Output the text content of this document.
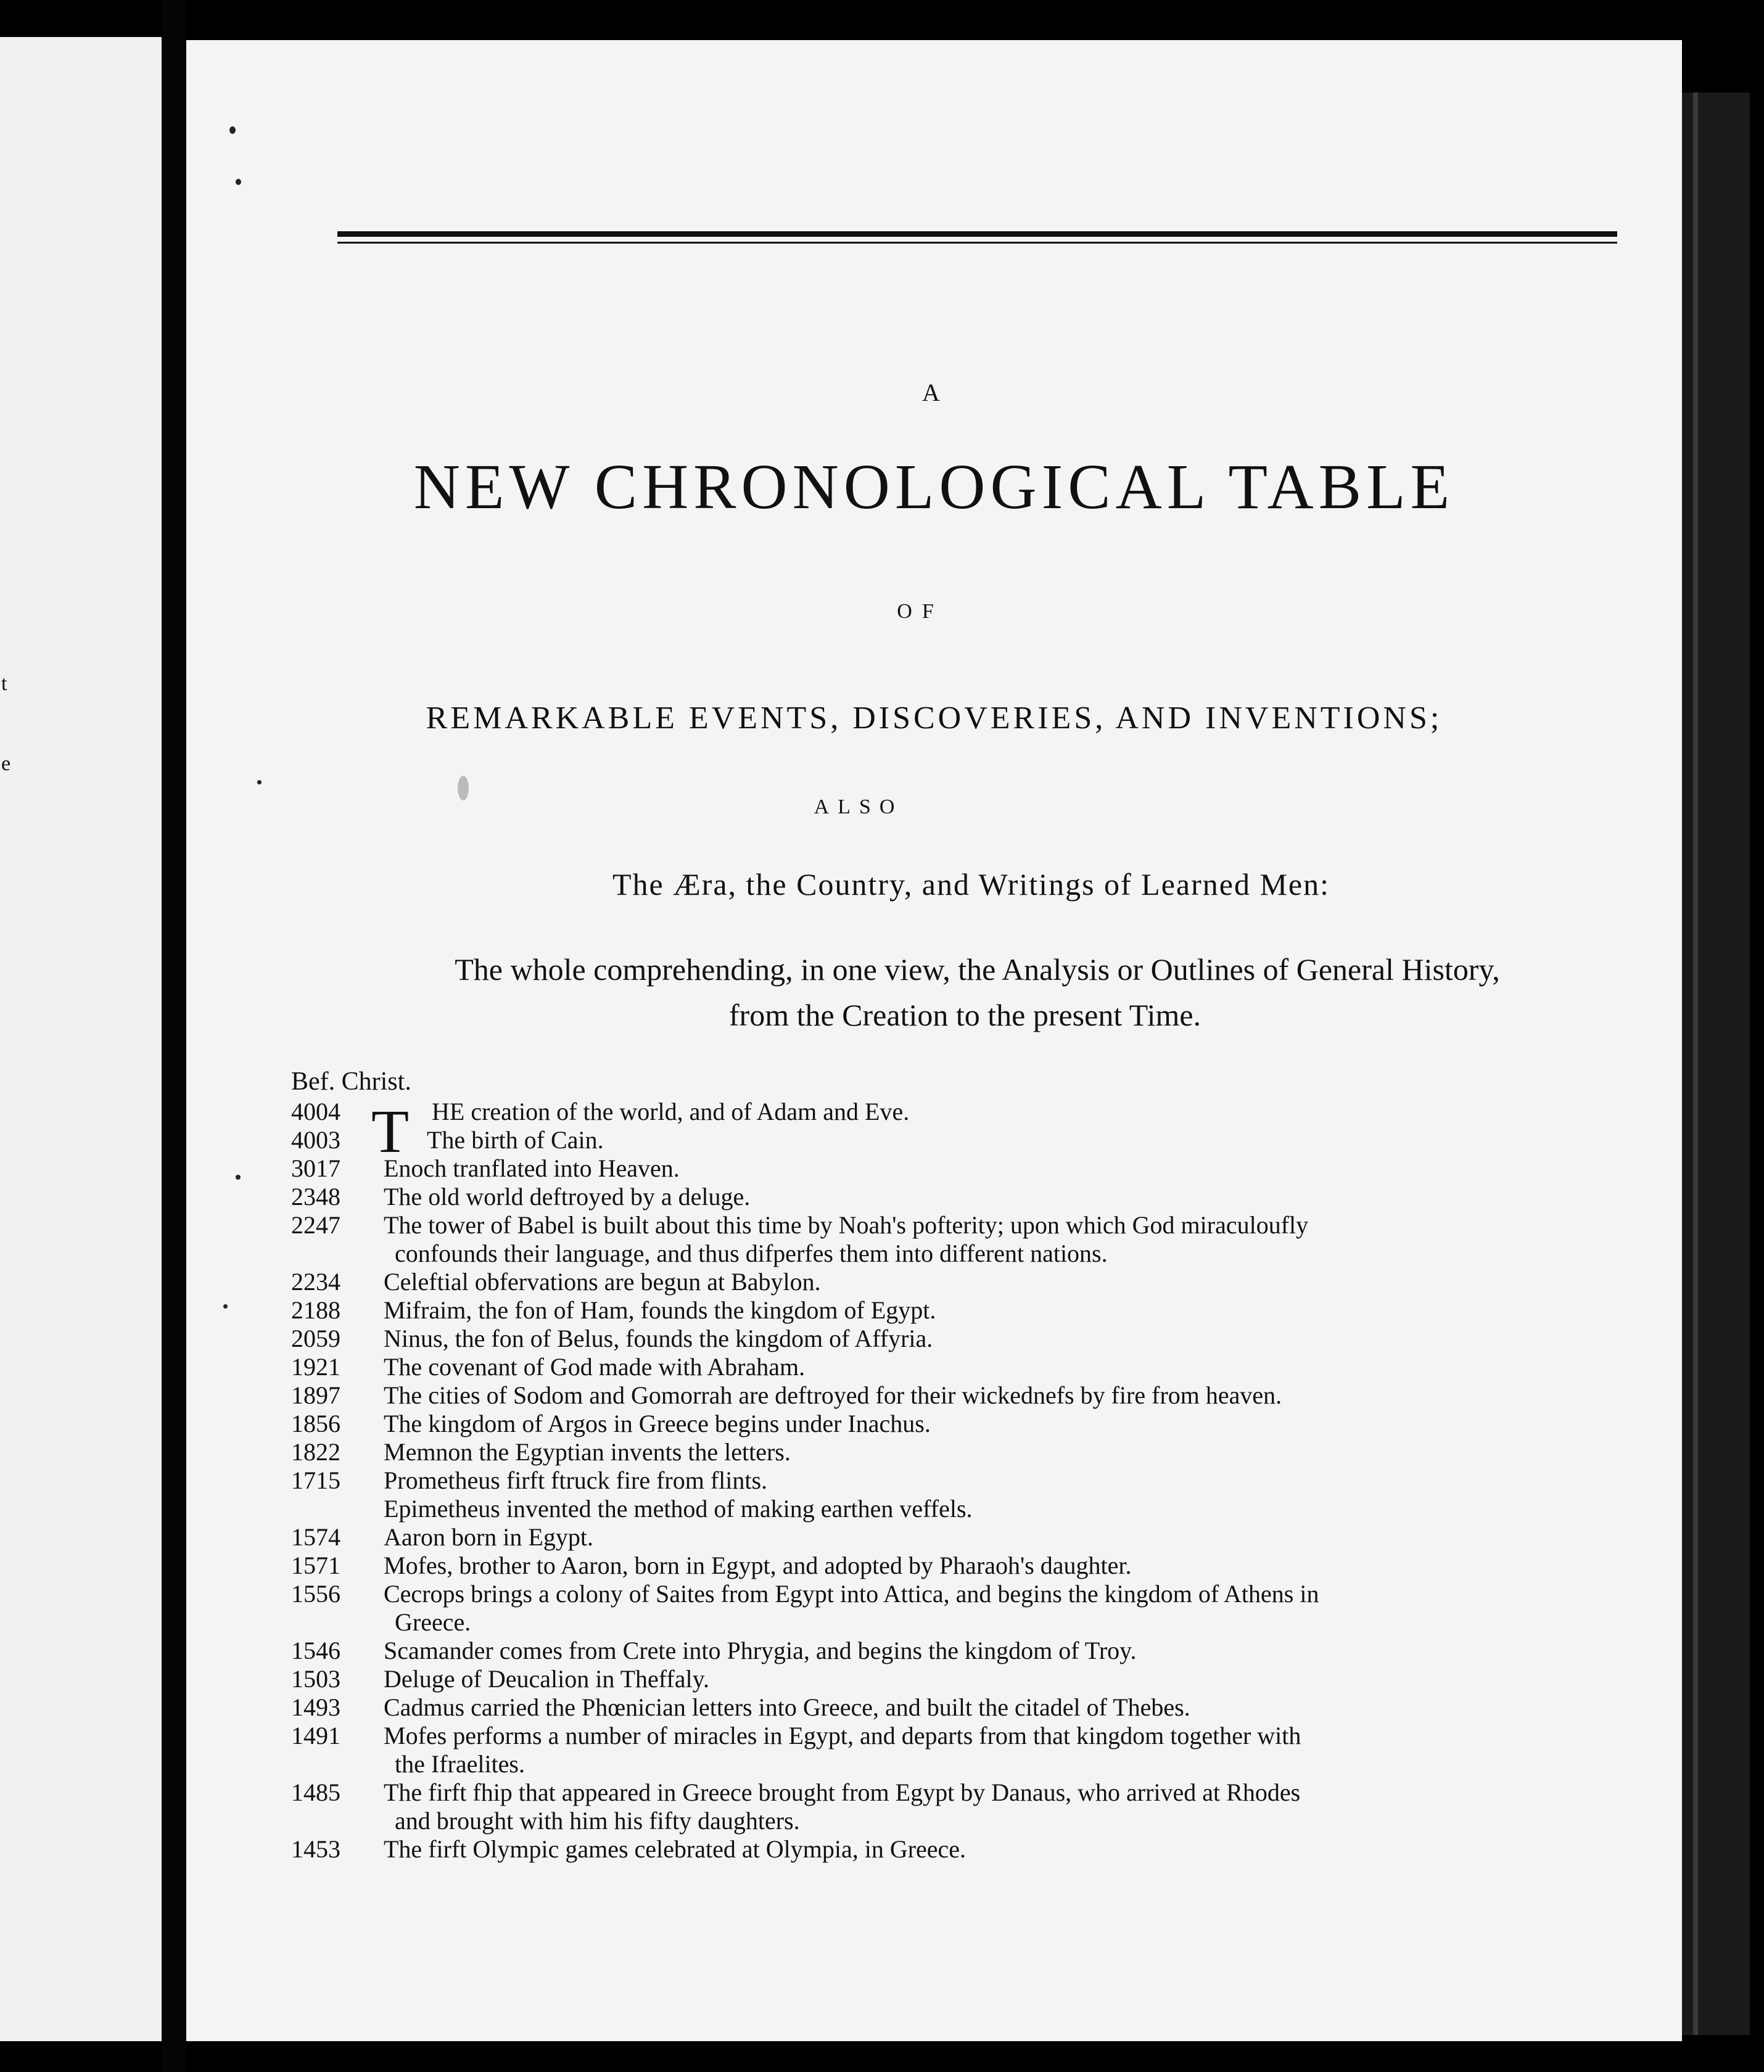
t
e
A
NEW CHRONOLOGICAL TABLE
OF
REMARKABLE EVENTS, DISCOVERIES, AND INVENTIONS;
ALSO
The Æra, the Country, and Writings of Learned Men:
The whole comprehending, in one view, the Analysis or Outlines of General History,
from the Creation to the present Time.
Bef. Christ.
T
4004	HE creation of the world, and of Adam and Eve.
4003	The birth of Cain.
3017	Enoch tranflated into Heaven.
2348	The old world deftroyed by a deluge.
2247	The tower of Babel is built about this time by Noah's pofterity; upon which God miraculoufly
confounds their language, and thus difperfes them into different nations.
2234	Celeftial obfervations are begun at Babylon.
2188	Mifraim, the fon of Ham, founds the kingdom of Egypt.
2059	Ninus, the fon of Belus, founds the kingdom of Affyria.
1921	The covenant of God made with Abraham.
1897	The cities of Sodom and Gomorrah are deftroyed for their wickednefs by fire from heaven.
1856	The kingdom of Argos in Greece begins under Inachus.
1822	Memnon the Egyptian invents the letters.
1715	Prometheus firft ftruck fire from flints.
Epimetheus invented the method of making earthen veffels.
1574	Aaron born in Egypt.
1571	Mofes, brother to Aaron, born in Egypt, and adopted by Pharaoh's daughter.
1556	Cecrops brings a colony of Saites from Egypt into Attica, and begins the kingdom of Athens in
Greece.
1546	Scamander comes from Crete into Phrygia, and begins the kingdom of Troy.
1503	Deluge of Deucalion in Theffaly.
1493	Cadmus carried the Phœnician letters into Greece, and built the citadel of Thebes.
1491	Mofes performs a number of miracles in Egypt, and departs from that kingdom together with
the Ifraelites.
1485	The firft fhip that appeared in Greece brought from Egypt by Danaus, who arrived at Rhodes
and brought with him his fifty daughters.
1453	The firft Olympic games celebrated at Olympia, in Greece.
